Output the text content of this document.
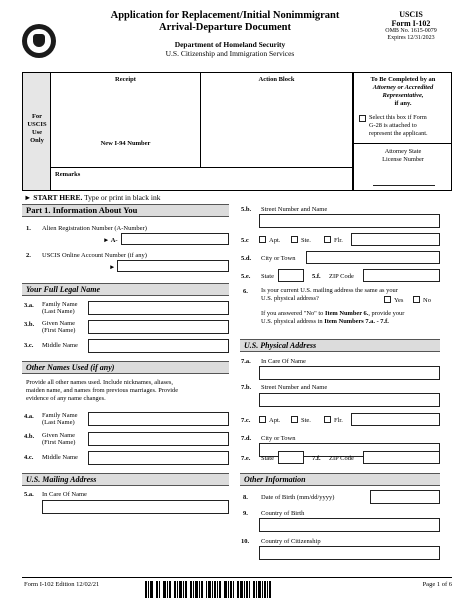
Application for Replacement/Initial Nonimmigrant
Arrival-Departure Document
Department of Homeland Security
U.S. Citizenship and Immigration Services
USCIS
Form I-102
OMB No. 1615-0079
Expires 12/31/2023
For
USCIS
Use
Only
Receipt	Action Block
New I-94 Number
Remarks
To Be Completed by an
Attorney or Accredited
Representative,
if any.
Select this box if Form
G-28 is attached to
represent the applicant.
Attorney State
License Number
► START HERE. Type or print in black ink
Part 1. Information About You
1. Alien Registration Number (A-Number)
► A-
2. USCIS Online Account Number (if any)
►
Your Full Legal Name
3.a. Family Name
(Last Name)
3.b. Given Name
(First Name)
3.c. Middle Name
Other Names Used (if any)
Provide all other names used. Include nicknames, aliases,
maiden name, and names from previous marriages. Provide
evidence of any name changes.
4.a. Family Name
(Last Name)
4.b. Given Name
(First Name)
4.c. Middle Name
U.S. Mailing Address
5.a. In Care Of Name
5.b. Street Number and Name
5.c	Apt.	Ste.	Flr.
5.d. City or Town
5.e. State	5.f. ZIP Code
6. Is your current U.S. mailing address the same as your
U.S. physical address?	Yes	No
If you answered "No" to Item Number 6., provide your
U.S. physical address in Item Numbers 7.a. - 7.f.
U.S. Physical Address
7.a. In Care Of Name
7.b. Street Number and Name
7.c.	Apt.	Ste.	Flr.
7.d. City or Town
7.e. State	7.f. ZIP Code
Other Information
8. Date of Birth (mm/dd/yyyy)
9. Country of Birth
10. Country of Citizenship
Form I-102 Edition 12/02/21	Page 1 of 6
